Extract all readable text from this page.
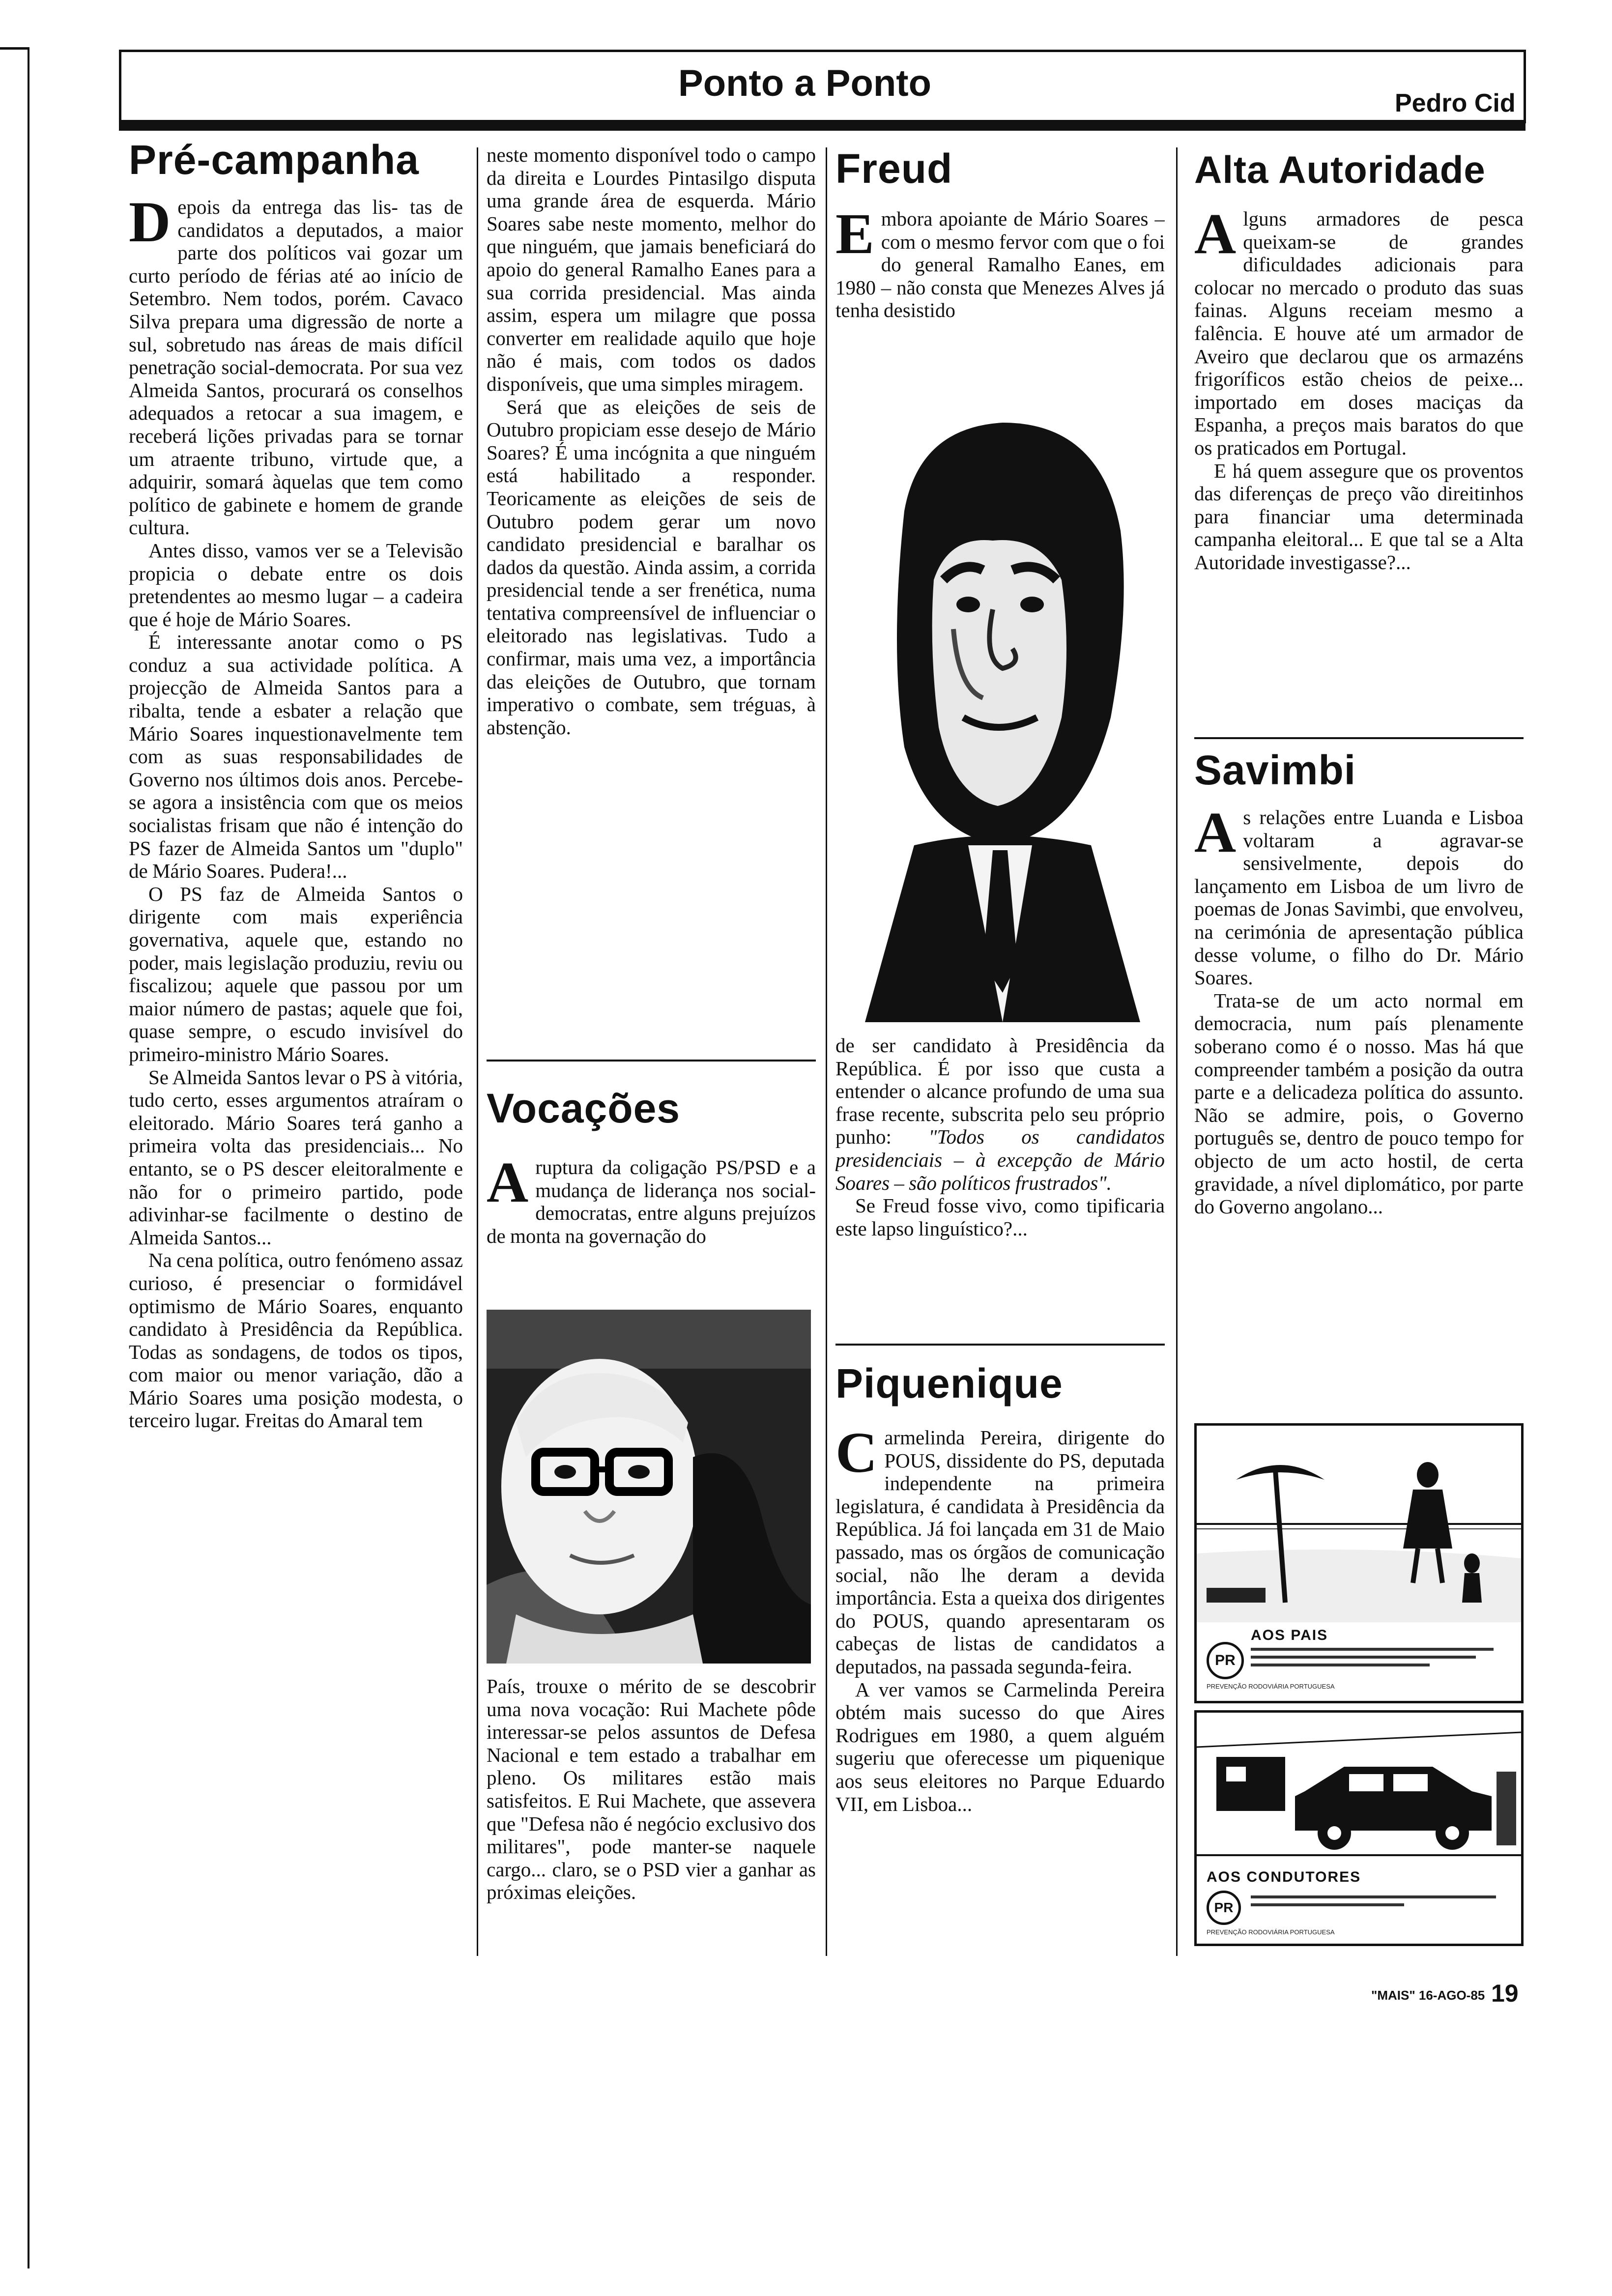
Ponto a Ponto	Pedro Cid
Pré-campanha

Depois da entrega das lis- tas de candidatos a deputados, a maior parte dos políticos vai gozar um curto período de férias até ao início de Setembro. Nem todos, porém. Cavaco Silva prepara uma digressão de norte a sul, sobretudo nas áreas de mais difícil penetração social-democrata. Por sua vez Almeida Santos, procurará os conselhos adequados a retocar a sua imagem, e receberá lições privadas para se tornar um atraente tribuno, virtude que, a adquirir, somará àquelas que tem como político de gabinete e homem de grande cultura.

Antes disso, vamos ver se a Televisão propicia o debate entre os dois pretendentes ao mesmo lugar – a cadeira que é hoje de Mário Soares.

É interessante anotar como o PS conduz a sua actividade política. A projecção de Almeida Santos para a ribalta, tende a esbater a relação que Mário Soares inquestionavelmente tem com as suas responsabilidades de Governo nos últimos dois anos. Percebe-se agora a insistência com que os meios socialistas frisam que não é intenção do PS fazer de Almeida Santos um "duplo" de Mário Soares. Pudera!...

O PS faz de Almeida Santos o dirigente com mais experiência governativa, aquele que, estando no poder, mais legislação produziu, reviu ou fiscalizou; aquele que passou por um maior número de pastas; aquele que foi, quase sempre, o escudo invisível do primeiro-ministro Mário Soares.

Se Almeida Santos levar o PS à vitória, tudo certo, esses argumentos atraíram o eleitorado. Mário Soares terá ganho a primeira volta das presidenciais... No entanto, se o PS descer eleitoralmente e não for o primeiro partido, pode adivinhar-se facilmente o destino de Almeida Santos...

Na cena política, outro fenómeno assaz curioso, é presenciar o formidável optimismo de Mário Soares, enquanto candidato à Presidência da República. Todas as sondagens, de todos os tipos, com maior ou menor variação, dão a Mário Soares uma posição modesta, o terceiro lugar. Freitas do Amaral tem

neste momento disponível todo o campo da direita e Lourdes Pintasilgo disputa uma grande área de esquerda. Mário Soares sabe neste momento, melhor do que ninguém, que jamais beneficiará do apoio do general Ramalho Eanes para a sua corrida presidencial. Mas ainda assim, espera um milagre que possa converter em realidade aquilo que hoje não é mais, com todos os dados disponíveis, que uma simples miragem.

Será que as eleições de seis de Outubro propiciam esse desejo de Mário Soares? É uma incógnita a que ninguém está habilitado a responder. Teoricamente as eleições de seis de Outubro podem gerar um novo candidato presidencial e baralhar os dados da questão. Ainda assim, a corrida presidencial tende a ser frenética, numa tentativa compreensível de influenciar o eleitorado nas legislativas. Tudo a confirmar, mais uma vez, a importância das eleições de Outubro, que tornam imperativo o combate, sem tréguas, à abstenção.

Vocações

Aruptura da coligação PS/PSD e a mudança de liderança nos social-democratas, entre alguns prejuízos de monta na governação do

País, trouxe o mérito de se descobrir uma nova vocação: Rui Machete pôde interessar-se pelos assuntos de Defesa Nacional e tem estado a trabalhar em pleno. Os militares estão mais satisfeitos. E Rui Machete, que assevera que "Defesa não é negócio exclusivo dos militares", pode manter-se naquele cargo... claro, se o PSD vier a ganhar as próximas eleições.

Freud

Embora apoiante de Mário Soares – com o mesmo fervor com que o foi do general Ramalho Eanes, em 1980 – não consta que Menezes Alves já tenha desistido

de ser candidato à Presidência da República. É por isso que custa a entender o alcance profundo de uma sua frase recente, subscrita pelo seu próprio punho: "Todos os candidatos presidenciais – à excepção de Mário Soares – são políticos frustrados".

Se Freud fosse vivo, como tipificaria este lapso linguístico?...

Piquenique

Carmelinda Pereira, dirigente do POUS, dissidente do PS, deputada independente na primeira legislatura, é candidata à Presidência da República. Já foi lançada em 31 de Maio passado, mas os órgãos de comunicação social, não lhe deram a devida importância. Esta a queixa dos dirigentes do POUS, quando apresentaram os cabeças de listas de candidatos a deputados, na passada segunda-feira.

A ver vamos se Carmelinda Pereira obtém mais sucesso do que Aires Rodrigues em 1980, a quem alguém sugeriu que oferecesse um piquenique aos seus eleitores no Parque Eduardo VII, em Lisboa...

Alta Autoridade

Alguns armadores de pesca queixam-se de grandes dificuldades adicionais para colocar no mercado o produto das suas fainas. Alguns receiam mesmo a falência. E houve até um armador de Aveiro que declarou que os armazéns frigoríficos estão cheios de peixe... importado em doses maciças da Espanha, a preços mais baratos do que os praticados em Portugal.

E há quem assegure que os proventos das diferenças de preço vão direitinhos para financiar uma determinada campanha eleitoral... E que tal se a Alta Autoridade investigasse?...

Savimbi

As relações entre Luanda e Lisboa voltaram a agravar-se sensivelmente, depois do lançamento em Lisboa de um livro de poemas de Jonas Savimbi, que envolveu, na cerimónia de apresentação pública desse volume, o filho do Dr. Mário Soares.

Trata-se de um acto normal em democracia, num país plenamente soberano como é o nosso. Mas há que compreender também a posição da outra parte e a delicadeza política do assunto. Não se admire, pois, o Governo português se, dentro de pouco tempo for objecto de um acto hostil, de certa gravidade, a nível diplomático, por parte do Governo angolano...

AOS PAIS
PR
PREVENÇÃO RODOVIÁRIA PORTUGUESA
AOS CONDUTORES
PR
PREVENÇÃO RODOVIÁRIA PORTUGUESA
"MAIS" 16-AGO-85 19
